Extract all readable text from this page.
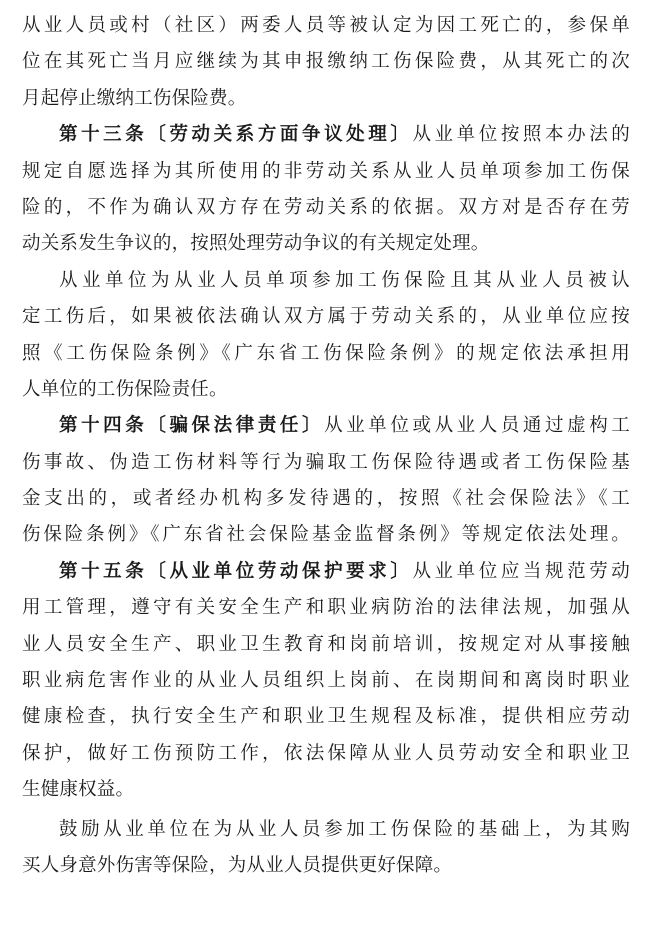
从业人员或村（社区）两委人员等被认定为因工死亡的，参保单
位在其死亡当月应继续为其申报缴纳工伤保险费，从其死亡的次
月起停止缴纳工伤保险费。
第十三条〔劳动关系方面争议处理〕从业单位按照本办法的
规定自愿选择为其所使用的非劳动关系从业人员单项参加工伤保
险的，不作为确认双方存在劳动关系的依据。双方对是否存在劳
动关系发生争议的，按照处理劳动争议的有关规定处理。
从业单位为从业人员单项参加工伤保险且其从业人员被认
定工伤后，如果被依法确认双方属于劳动关系的，从业单位应按
照《工伤保险条例》《广东省工伤保险条例》的规定依法承担用
人单位的工伤保险责任。
第十四条〔骗保法律责任〕从业单位或从业人员通过虚构工
伤事故、伪造工伤材料等行为骗取工伤保险待遇或者工伤保险基
金支出的，或者经办机构多发待遇的，按照《社会保险法》《工
伤保险条例》《广东省社会保险基金监督条例》等规定依法处理。
第十五条〔从业单位劳动保护要求〕从业单位应当规范劳动
用工管理，遵守有关安全生产和职业病防治的法律法规，加强从
业人员安全生产、职业卫生教育和岗前培训，按规定对从事接触
职业病危害作业的从业人员组织上岗前、在岗期间和离岗时职业
健康检查，执行安全生产和职业卫生规程及标准，提供相应劳动
保护，做好工伤预防工作，依法保障从业人员劳动安全和职业卫
生健康权益。
鼓励从业单位在为从业人员参加工伤保险的基础上，为其购
买人身意外伤害等保险，为从业人员提供更好保障。
